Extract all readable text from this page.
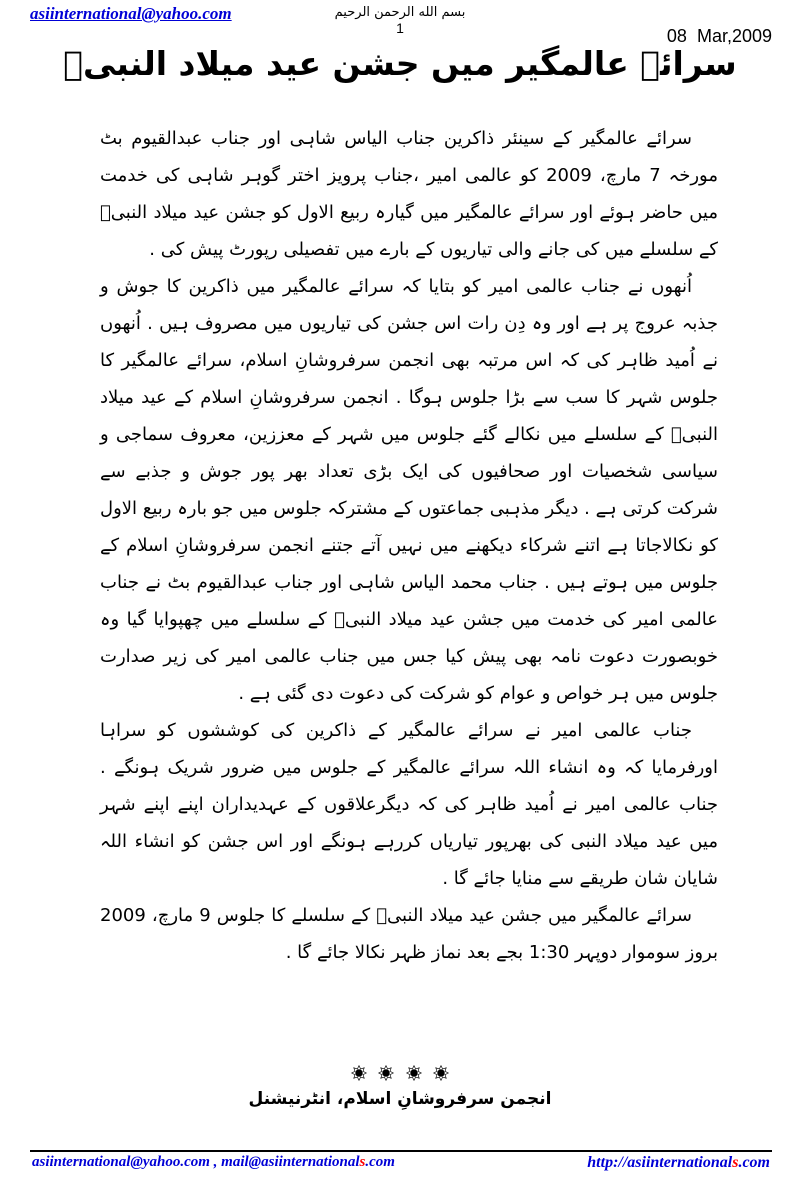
asiinternational@yahoo.com	بسم الله الرحمن الرحيم
1	08  Mar,2009
سرائے عالمگیر میں جشن عید میلاد النبیؐ

سرائے عالمگیر کے سینئر ذاکرین جناب الیاس شاہی اور جناب عبدالقیوم بٹ مورخہ 7 مارچ، 2009 کو عالمی امیر ،جناب پرویز اختر گوہر شاہی کی خدمت میں حاضر ہوئے اور سرائے عالمگیر میں گیارہ ربیع الاول کو جشن عید میلاد النبیؐ کے سلسلے میں کی جانے والی تیاریوں کے بارے میں تفصیلی رپورٹ پیش کی .

اُنھوں نے جناب عالمی امیر کو بتایا کہ سرائے عالمگیر میں ذاکرین کا جوش و جذبہ عروج پر ہے اور وہ دِن رات اس جشن کی تیاریوں میں مصروف ہیں . اُنھوں نے اُمید ظاہر کی کہ اس مرتبہ بھی انجمن سرفروشانِ اسلام، سرائے عالمگیر کا جلوس شہر کا سب سے بڑا جلوس ہوگا . انجمن سرفروشانِ اسلام کے عید میلاد النبیؐ کے سلسلے میں نکالے گئے جلوس میں شہر کے معززین، معروف سماجی و سیاسی شخصیات اور صحافیوں کی ایک بڑی تعداد بھر پور جوش و جذبے سے شرکت کرتی ہے . دیگر مذہبی جماعتوں کے مشترکہ جلوس میں جو بارہ ربیع الاول کو نکالاجاتا ہے اتنے شرکاء دیکھنے میں نہیں آتے جتنے انجمن سرفروشانِ اسلام کے جلوس میں ہوتے ہیں . جناب محمد الیاس شاہی اور جناب عبدالقیوم بٹ نے جناب عالمی امیر کی خدمت میں جشن عید میلاد النبیؐ کے سلسلے میں چھپوایا گیا وہ خوبصورت دعوت نامہ بھی پیش کیا جس میں جناب عالمی امیر کی زیر صدارت جلوس میں ہر خواص و عوام کو شرکت کی دعوت دی گئی ہے .

جناب عالمی امیر نے سرائے عالمگیر کے ذاکرین کی کوششوں کو سراہا اورفرمایا کہ وہ انشاء اللہ سرائے عالمگیر کے جلوس میں ضرور شریک ہونگے . جناب عالمی امیر نے اُمید ظاہر کی کہ دیگرعلاقوں کے عہدیداران اپنے اپنے شہر میں عید میلاد النبی کی بھرپور تیاریاں کررہے ہونگے اور اس جشن کو انشاء اللہ شایان شان طریقے سے منایا جائے گا .

سرائے عالمگیر میں جشن عید میلاد النبیؐ کے سلسلے کا جلوس 9 مارچ، 2009 بروز سوموار دوپہر 1:30 بجے بعد نماز ظہر نکالا جائے گا .

انجمن سرفروشانِ اسلام، انٹرنیشنل
asiinternational@yahoo.com , mail@asiinternationals.com	http://asiinternationals.com
